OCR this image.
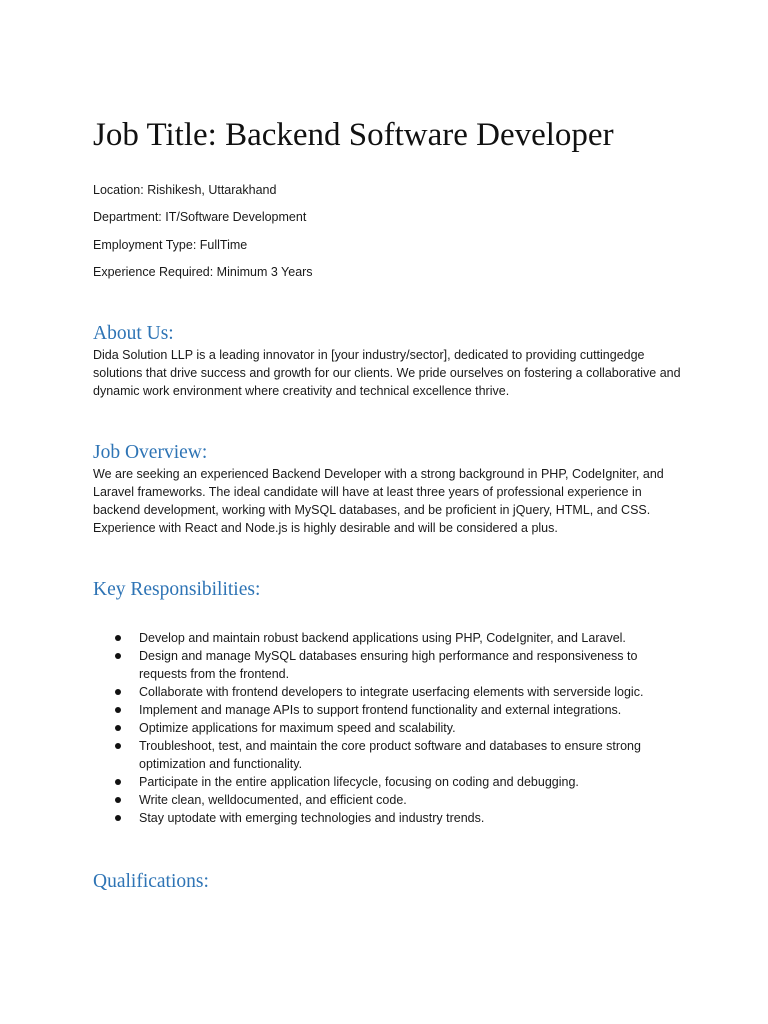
Job Title: Backend Software Developer
Location: Rishikesh, Uttarakhand
Department: IT/Software Development
Employment Type: FullTime
Experience Required: Minimum 3 Years
About Us:

Dida Solution LLP is a leading innovator in [your industry/sector], dedicated to providing cuttingedge solutions that drive success and growth for our clients. We pride ourselves on fostering a collaborative and dynamic work environment where creativity and technical excellence thrive.

Job Overview:

We are seeking an experienced Backend Developer with a strong background in PHP, CodeIgniter, and Laravel frameworks. The ideal candidate will have at least three years of professional experience in backend development, working with MySQL databases, and be proficient in jQuery, HTML, and CSS. Experience with React and Node.js is highly desirable and will be considered a plus.

Key Responsibilities:
Develop and maintain robust backend applications using PHP, CodeIgniter, and Laravel.
Design and manage MySQL databases ensuring high performance and responsiveness to requests from the frontend.
Collaborate with frontend developers to integrate userfacing elements with serverside logic.
Implement and manage APIs to support frontend functionality and external integrations.
Optimize applications for maximum speed and scalability.
Troubleshoot, test, and maintain the core product software and databases to ensure strong optimization and functionality.
Participate in the entire application lifecycle, focusing on coding and debugging.
Write clean, welldocumented, and efficient code.
Stay uptodate with emerging technologies and industry trends.
Qualifications:
